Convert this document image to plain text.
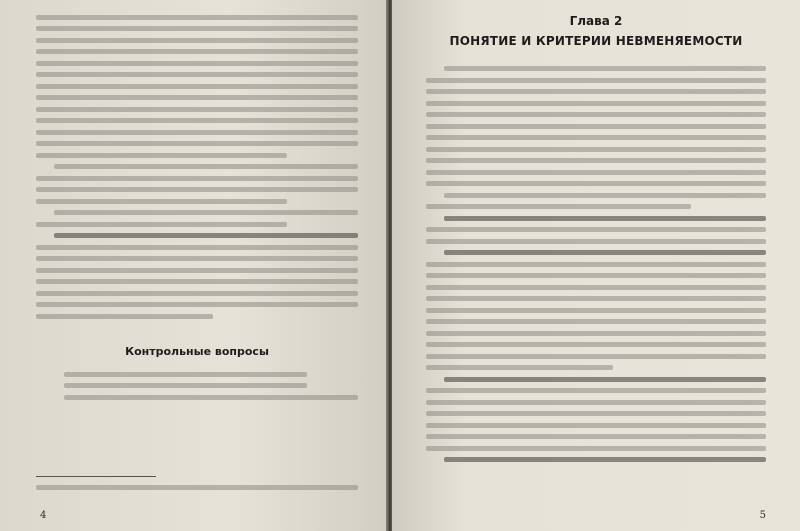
Контрольные вопросы
4
Глава 2
ПОНЯТИЕ И КРИТЕРИИ НЕВМЕНЯЕМОСТИ
5
